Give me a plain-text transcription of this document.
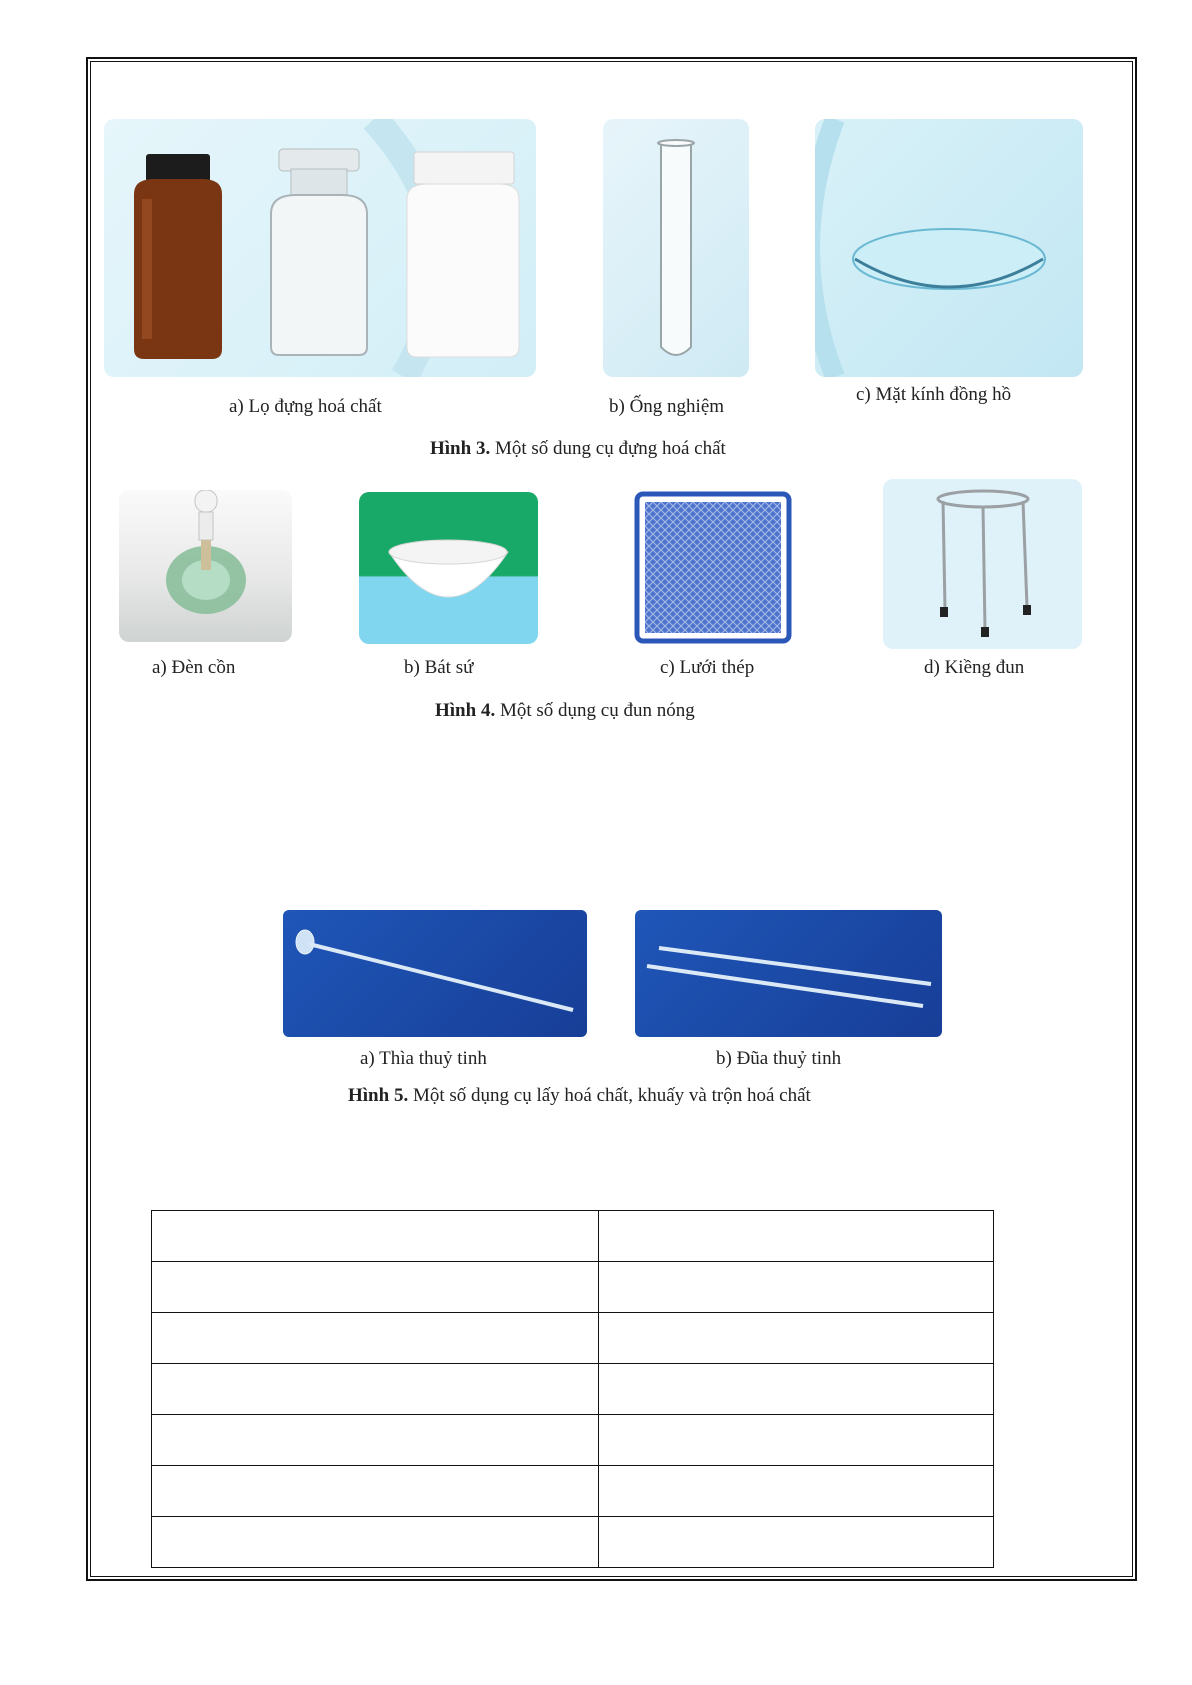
a) Lọ đựng hoá chất	b) Ống nghiệm
c) Mặt kính đồng hồ
Hình 3. Một số dung cụ đựng hoá chất
a) Đèn cồn	b) Bát sứ	c) Lưới thép	d) Kiềng đun
Hình 4. Một số dụng cụ đun nóng
a) Thìa thuỷ tinh	b) Đũa thuỷ tinh
Hình 5. Một số dụng cụ lấy hoá chất, khuấy và trộn hoá chất
